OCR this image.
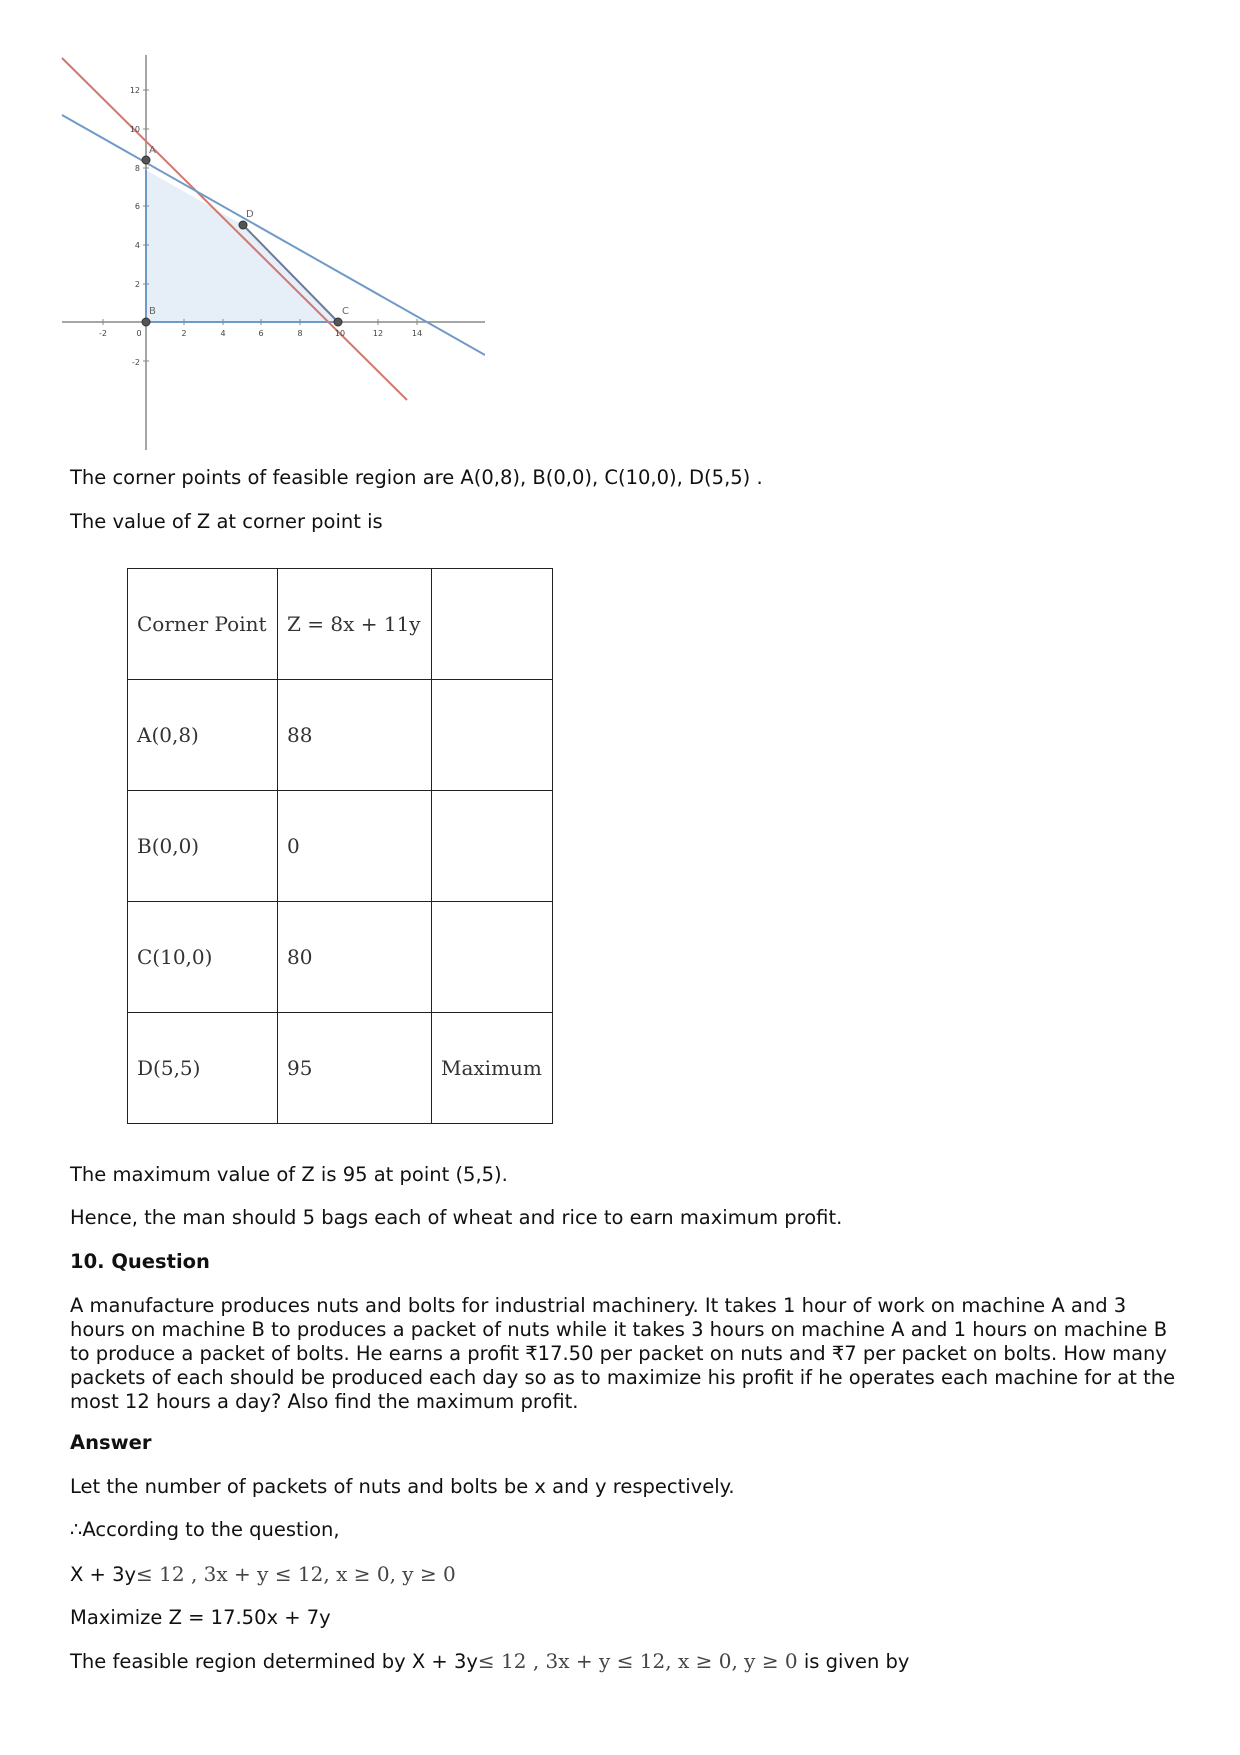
-2	0	2	4	6	8	10	12	14
12
10
8
6
4
2
-2
A
B	C
D

The corner points of feasible region are A(0,8), B(0,0), C(10,0), D(5,5) .

The value of Z at corner point is

Corner Point	Z = 8x + 11y	
A(0,8)	88	
B(0,0)	0	
C(10,0)	80	
D(5,5)	95	Maximum

The maximum value of Z is 95 at point (5,5).

Hence, the man should 5 bags each of wheat and rice to earn maximum profit.

10. Question

A manufacture produces nuts and bolts for industrial machinery. It takes 1 hour of work on machine A and 3 hours on machine B to produces a packet of nuts while it takes 3 hours on machine A and 1 hours on machine B to produce a packet of bolts. He earns a profit ₹17.50 per packet on nuts and ₹7 per packet on bolts. How many packets of each should be produced each day so as to maximize his profit if he operates each machine for at the most 12 hours a day? Also find the maximum profit.

Answer

Let the number of packets of nuts and bolts be x and y respectively.

∴According to the question,

X + 3y≤ 12 , 3x + y ≤ 12, x ≥ 0, y ≥ 0

Maximize Z = 17.50x + 7y

The feasible region determined by X + 3y≤ 12 , 3x + y ≤ 12, x ≥ 0, y ≥ 0 is given by
